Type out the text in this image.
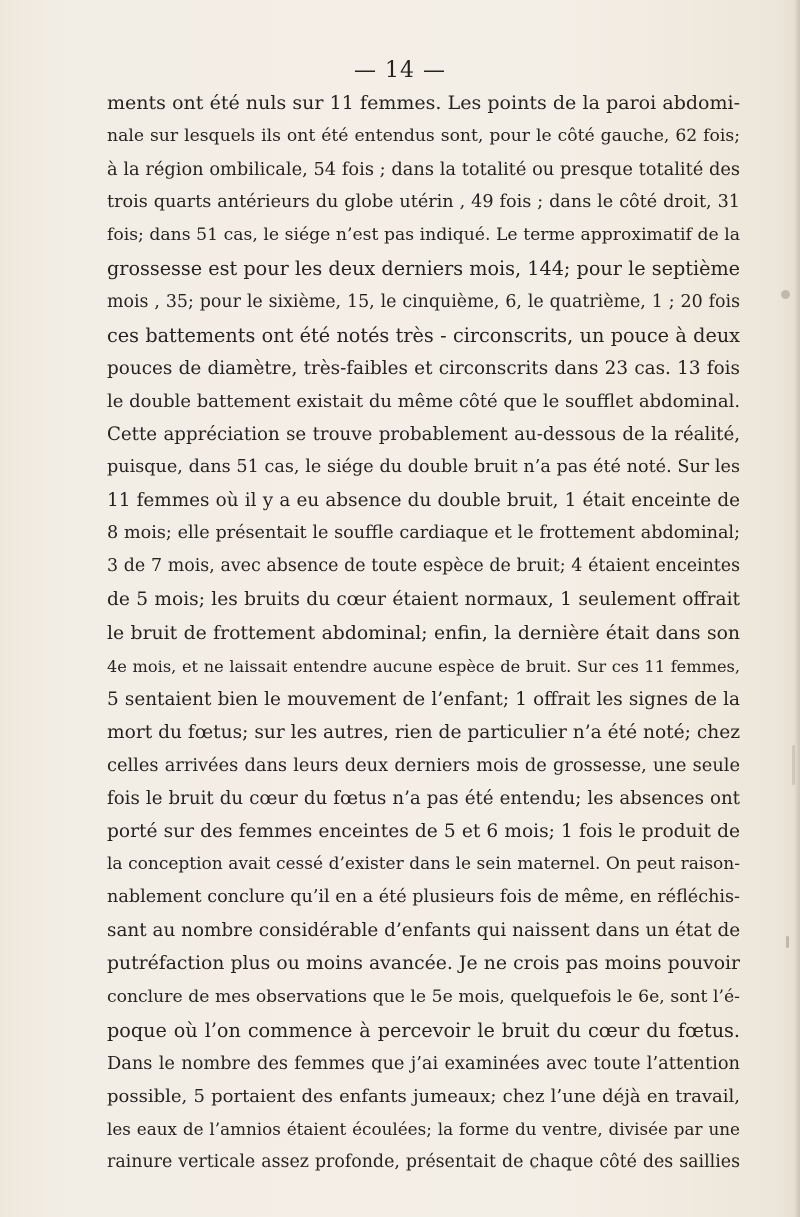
— 14 —
ments ont été nuls sur 11 femmes. Les points de la paroi abdomi-
nale sur lesquels ils ont été entendus sont, pour le côté gauche, 62 fois;
à la région ombilicale, 54 fois ; dans la totalité ou presque totalité des
trois quarts antérieurs du globe utérin , 49 fois ; dans le côté droit, 31
fois; dans 51 cas, le siége n’est pas indiqué. Le terme approximatif de la
grossesse est pour les deux derniers mois, 144; pour le septième
mois , 35; pour le sixième, 15, le cinquième, 6, le quatrième, 1 ; 20 fois
ces battements ont été notés très - circonscrits, un pouce à deux
pouces de diamètre, très-faibles et circonscrits dans 23 cas. 13 fois
le double battement existait du même côté que le soufflet abdominal.
Cette appréciation se trouve probablement au-dessous de la réalité,
puisque, dans 51 cas, le siége du double bruit n’a pas été noté. Sur les
11 femmes où il y a eu absence du double bruit, 1 était enceinte de
8 mois; elle présentait le souffle cardiaque et le frottement abdominal;
3 de 7 mois, avec absence de toute espèce de bruit; 4 étaient enceintes
de 5 mois; les bruits du cœur étaient normaux, 1 seulement offrait
le bruit de frottement abdominal; enfin, la dernière était dans son
4e mois, et ne laissait entendre aucune espèce de bruit. Sur ces 11 femmes,
5 sentaient bien le mouvement de l’enfant; 1 offrait les signes de la
mort du fœtus; sur les autres, rien de particulier n’a été noté; chez
celles arrivées dans leurs deux derniers mois de grossesse, une seule
fois le bruit du cœur du fœtus n’a pas été entendu; les absences ont
porté sur des femmes enceintes de 5 et 6 mois; 1 fois le produit de
la conception avait cessé d’exister dans le sein maternel. On peut raison-
nablement conclure qu’il en a été plusieurs fois de même, en réfléchis-
sant au nombre considérable d’enfants qui naissent dans un état de
putréfaction plus ou moins avancée. Je ne crois pas moins pouvoir
conclure de mes observations que le 5e mois, quelquefois le 6e, sont l’é-
poque où l’on commence à percevoir le bruit du cœur du fœtus.
Dans le nombre des femmes que j’ai examinées avec toute l’attention
possible, 5 portaient des enfants jumeaux; chez l’une déjà en travail,
les eaux de l’amnios étaient écoulées; la forme du ventre, divisée par une
rainure verticale assez profonde, présentait de chaque côté des saillies
